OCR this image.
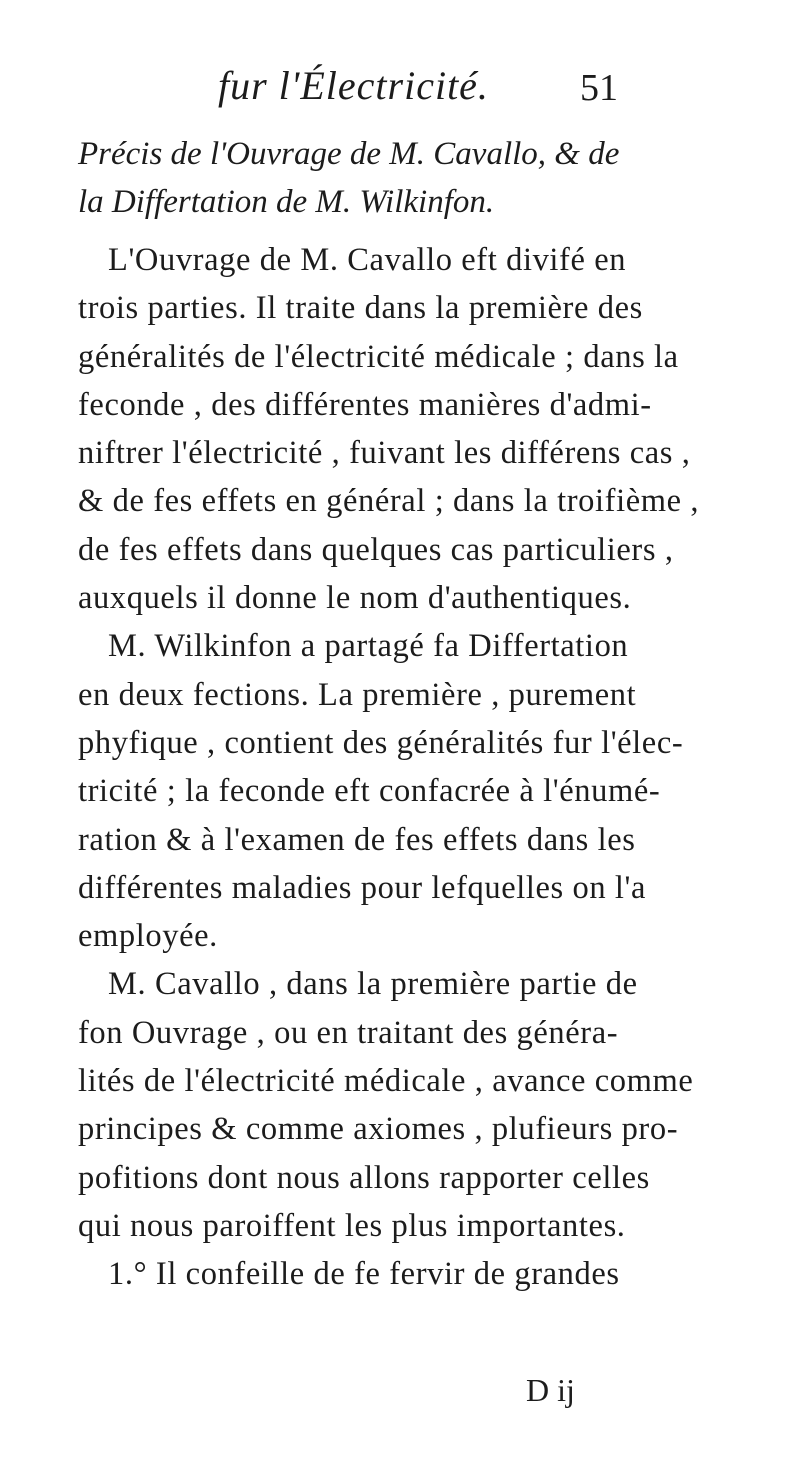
fur l'Électricité. 51
Précis de l'Ouvrage de M. Cavallo, & de
la Differtation de M. Wilkinfon.
L'Ouvrage de M. Cavallo eft divifé en
trois parties. Il traite dans la première des
généralités de l'électricité médicale ; dans la
feconde , des différentes manières d'admi-
niftrer l'électricité , fuivant les différens cas ,
& de fes effets en général ; dans la troifième ,
de fes effets dans quelques cas particuliers ,
auxquels il donne le nom d'authentiques.
M. Wilkinfon a partagé fa Differtation
en deux fections. La première , purement
phyfique , contient des généralités fur l'élec-
tricité ; la feconde eft confacrée à l'énumé-
ration & à l'examen de fes effets dans les
différentes maladies pour lefquelles on l'a
employée.
M. Cavallo , dans la première partie de
fon Ouvrage , ou en traitant des généra-
lités de l'électricité médicale , avance comme
principes & comme axiomes , plufieurs pro-
pofitions dont nous allons rapporter celles
qui nous paroiffent les plus importantes.
1.° Il confeille de fe fervir de grandes
D ij
